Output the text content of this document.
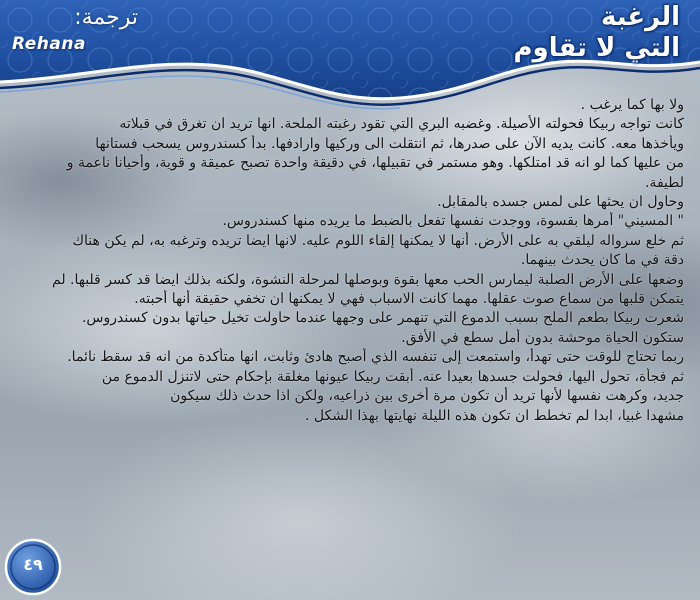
الرغبة
التي لا تقاوم
ترجمة:
Rehana
ولا بها كما يرغب .
كانت تواجه ربيكا فحولته الأصيلة. وغضبه البري التي تقود رغبته الملحة. انها تريد ان تغرق في قبلاته
ويأخذها معه. كانت يديه الآن على صدرها، ثم انتقلت الى وركيها وارادفها. بدأ كسندروس يسحب فستانها
من عليها كما لو انه قد امتلكها. وهو مستمر في تقبيلها، في دقيقة واحدة تصبح عميقة و قوية، وأحيانا ناعمة و
لطيفة.
وحاول ان يحثها على لمس جسده بالمقابل.
" المسيني" أمرها بقسوة، ووجدت نفسها تفعل بالضبط ما يريده منها كسندروس.
ثم خلع سرواله ليلقي به على الأرض. أنها لا يمكنها إلقاء اللوم عليه. لانها ايضا تريده وترغبه به، لم يكن هناك
دقة في ما كان يحدث بينهما.
وضعها على الأرض الصلبة ليمارس الحب معها بقوة وبوصلها لمرحلة النشوة، ولكنه بذلك ايضا قد كسر قلبها. لم
يتمكن قلبها من سماع صوت عقلها. مهما كانت الاسباب فهي لا يمكنها ان تخفي حقيقة أنها أحبته.
شعرت ربيكا بطعم الملح بسبب الدموع التي تنهمر على وجهها عندما حاولت تخيل حياتها بدون كسندروس.
ستكون الحياة موحشة بدون أمل سطع في الأفق.
ربما تحتاج للوقت حتى تهدأ، واستمعت إلى تنفسه الذي أصبح هادئ وثابت، انها متأكدة من انه قد سقط نائما.
ثم فجأة، تحول اليها، فحولت جسدها بعيدا عنه. أبقت ربيكا عيونها مغلقة بإحكام حتى لاتنزل الدموع من
جديد، وكرهت نفسها لأنها تريد أن تكون مرة أخرى بين ذراعيه، ولكن اذا حدث ذلك سيكون
مشهدا غبيا، ابدا لم تخطط ان تكون هذه الليلة نهايتها بهذا الشكل .
٤٩
